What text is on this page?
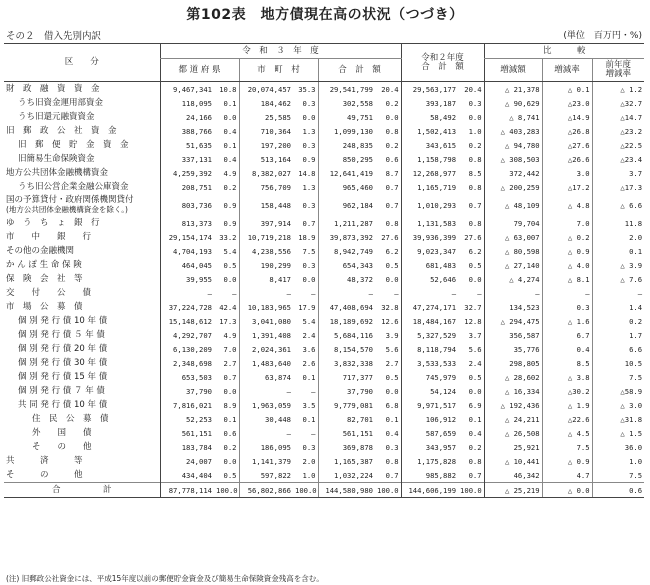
第102表　地方債現在高の状況（つづき）
その２　借入先別内訳	(単位　百万円・%)
区　　分	令　和　３　年　度						令和２年度
合　計　額		比　　　較		
	都 道 府 県		市　町　村		合　計　額				増減額	増減率	前年度
増減率
財　政　融　資　資　金	9,467,341	10.8	20,074,457	35.3	29,541,799	20.4	29,563,177	20.4	△ 21,378	△ 0.1	△ 1.2
うち旧資金運用部資金	118,095	0.1	184,462	0.3	302,558	0.2	393,187	0.3	△ 90,629	△23.0	△32.7
うち旧還元融資資金	24,166	0.0	25,585	0.0	49,751	0.0	58,492	0.0	△ 8,741	△14.9	△14.7
旧　郵　政　公　社　資　金	388,766	0.4	710,364	1.3	1,099,130	0.8	1,502,413	1.0	△ 403,283	△26.8	△23.2
旧　郵　便　貯　金　資　金	51,635	0.1	197,200	0.3	248,835	0.2	343,615	0.2	△ 94,780	△27.6	△22.5
旧簡易生命保険資金	337,131	0.4	513,164	0.9	850,295	0.6	1,158,798	0.8	△ 308,503	△26.6	△23.4
地方公共団体金融機構資金	4,259,392	4.9	8,382,027	14.8	12,641,419	8.7	12,268,977	8.5	372,442	3.0	3.7
うち旧公営企業金融公庫資金	208,751	0.2	756,709	1.3	965,460	0.7	1,165,719	0.8	△ 200,259	△17.2	△17.3

国の予算貸付・政府関係機関貸付
(地方公共団体金融機構資金を除く。)	803,736	0.9	158,448	0.3	962,184	0.7	1,010,293	0.7	△ 48,109	△ 4.8	△ 6.6
ゆ　う　ち　ょ　銀　行	813,373	0.9	397,914	0.7	1,211,287	0.8	1,131,583	0.8	79,704	7.0	11.8
市　　中　　銀　　行	29,154,174	33.2	10,719,218	18.9	39,873,392	27.6	39,936,399	27.6	△ 63,007	△ 0.2	2.0
その他の金融機関	4,704,193	5.4	4,238,556	7.5	8,942,749	6.2	9,023,347	6.2	△ 80,598	△ 0.9	0.1
か ん ぽ 生 命 保 険	464,045	0.5	190,299	0.3	654,343	0.5	681,483	0.5	△ 27,140	△ 4.0	△ 3.9
保　険　会　社　等	39,955	0.0	8,417	0.0	48,372	0.0	52,646	0.0	△ 4,274	△ 8.1	△ 7.6
交　　付　　公　　債	–	–	–	–	–	–	–	–	–	–	–
市　場　公　募　債	37,224,728	42.4	10,183,965	17.9	47,408,694	32.8	47,274,171	32.7	134,523	0.3	1.4
個 別 発 行 債 10 年 債	15,148,612	17.3	3,041,080	5.4	18,189,692	12.6	18,484,167	12.8	△ 294,475	△ 1.6	0.2
個 別 発 行 債 ５ 年 債	4,292,707	4.9	1,391,408	2.4	5,684,116	3.9	5,327,529	3.7	356,587	6.7	1.7
個 別 発 行 債 20 年 債	6,130,209	7.0	2,024,361	3.6	8,154,570	5.6	8,118,794	5.6	35,776	0.4	6.6
個 別 発 行 債 30 年 債	2,348,698	2.7	1,483,640	2.6	3,832,338	2.7	3,533,533	2.4	298,805	8.5	10.5
個 別 発 行 債 15 年 債	653,503	0.7	63,874	0.1	717,377	0.5	745,979	0.5	△ 28,602	△ 3.8	7.5
個 別 発 行 債 ７ 年 債	37,790	0.0	–	–	37,790	0.0	54,124	0.0	△ 16,334	△30.2	△58.9
共 同 発 行 債 10 年 債	7,816,021	8.9	1,963,059	3.5	9,779,081	6.8	9,971,517	6.9	△ 192,436	△ 1.9	△ 3.0
住　民　公　募　債	52,253	0.1	30,448	0.1	82,701	0.1	106,912	0.1	△ 24,211	△22.6	△31.8
外　　国　　債	561,151	0.6	–	–	561,151	0.4	587,659	0.4	△ 26,508	△ 4.5	△ 1.5
そ　　の　　他	183,784	0.2	186,095	0.3	369,878	0.3	343,957	0.2	25,921	7.5	36.0
共　　　済　　　等	24,007	0.0	1,141,379	2.0	1,165,387	0.8	1,175,828	0.8	△ 10,441	△ 0.9	1.0
そ　　　の　　　他	434,404	0.5	597,822	1.0	1,032,224	0.7	985,882	0.7	46,342	4.7	7.5
合　　　　　計	87,778,114	100.0	56,802,866	100.0	144,580,980	100.0	144,606,199	100.0	△ 25,219	△ 0.0	0.6
(注) 旧郵政公社資金には、平成15年度以前の郵便貯金資金及び簡易生命保険資金残高を含む。
